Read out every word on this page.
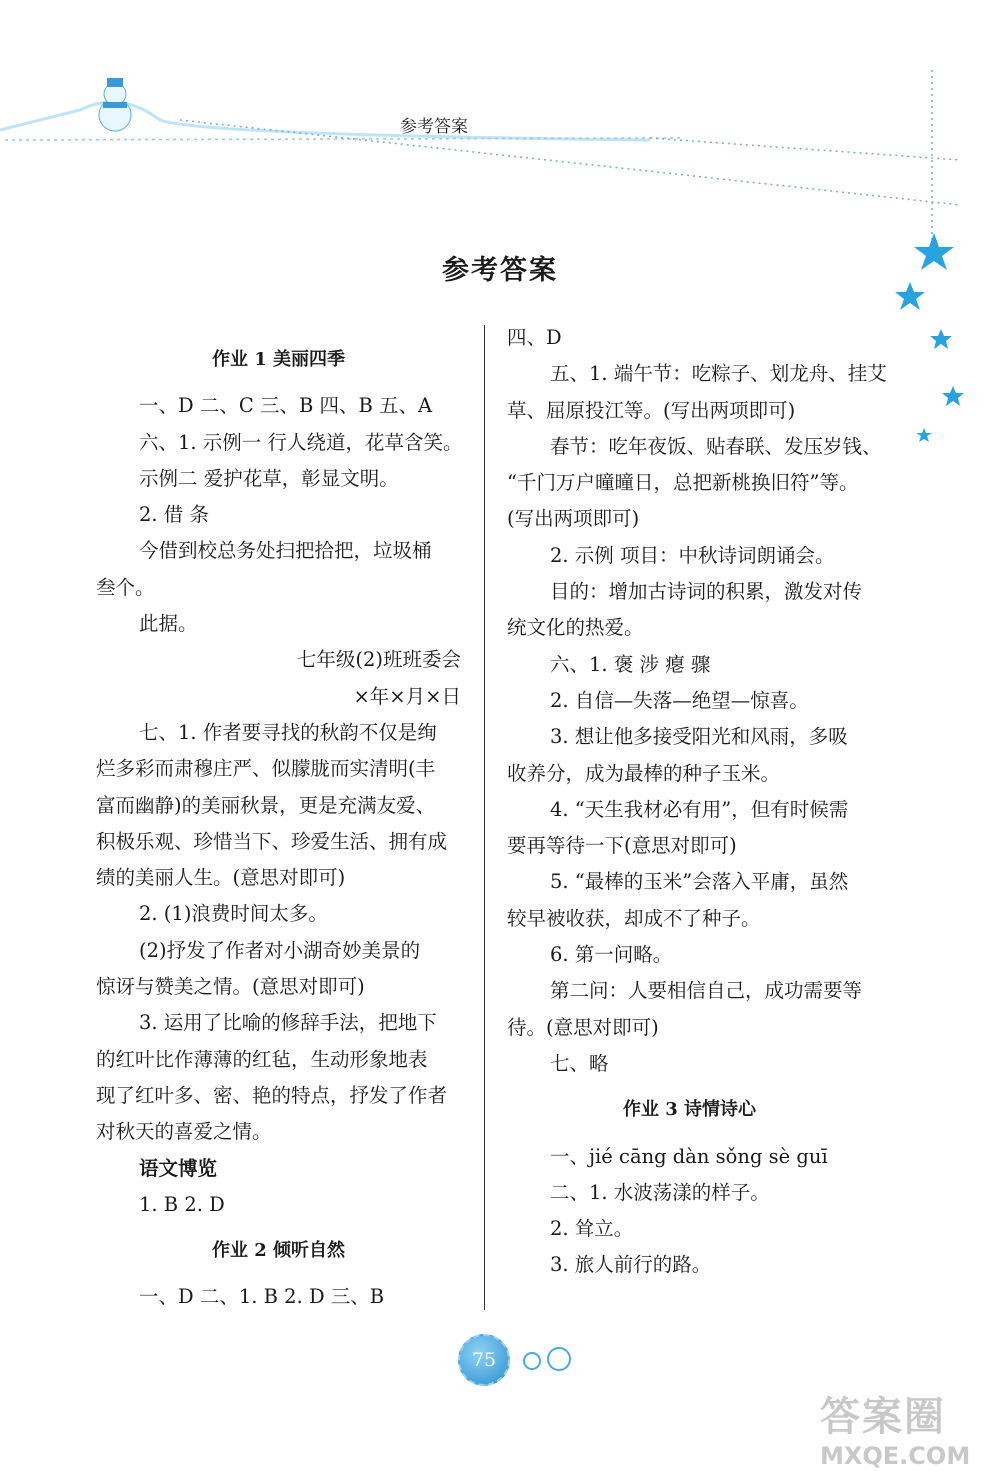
参考答案
参考答案

作业 1 美丽四季

一、D 二、C 三、B 四、B 五、A

六、1. 示例一 行人绕道，花草含笑。

示例二 爱护花草，彰显文明。

2. 借 条

今借到校总务处扫把拾把，垃圾桶

叁个。

此据。

七年级(2)班班委会

×年×月×日

七、1. 作者要寻找的秋韵不仅是绚

烂多彩而肃穆庄严、似朦胧而实清明(丰

富而幽静)的美丽秋景，更是充满友爱、

积极乐观、珍惜当下、珍爱生活、拥有成

绩的美丽人生。(意思对即可)

2. (1)浪费时间太多。

(2)抒发了作者对小湖奇妙美景的

惊讶与赞美之情。(意思对即可)

3. 运用了比喻的修辞手法，把地下

的红叶比作薄薄的红毡，生动形象地表

现了红叶多、密、艳的特点，抒发了作者

对秋天的喜爱之情。

语文博览

1. B 2. D

作业 2 倾听自然

一、D 二、1. B 2. D 三、B

四、D

五、1. 端午节：吃粽子、划龙舟、挂艾

草、屈原投江等。(写出两项即可)

春节：吃年夜饭、贴春联、发压岁钱、

“千门万户曈曈日，总把新桃换旧符”等。

(写出两项即可)

2. 示例 项目：中秋诗词朗诵会。

目的：增加古诗词的积累，激发对传

统文化的热爱。

六、1. 褒 涉 瘪 骤

2. 自信—失落—绝望—惊喜。

3. 想让他多接受阳光和风雨，多吸

收养分，成为最棒的种子玉米。

4. “天生我材必有用”，但有时候需

要再等待一下(意思对即可)

5. “最棒的玉米”会落入平庸，虽然

较早被收获，却成不了种子。

6. 第一问略。

第二问：人要相信自己，成功需要等

待。(意思对即可)

七、略

作业 3 诗情诗心

一、jié cāng dàn sǒng sè guī

二、1. 水波荡漾的样子。

2. 耸立。

3. 旅人前行的路。

75
答案圈
MXQE.COM
